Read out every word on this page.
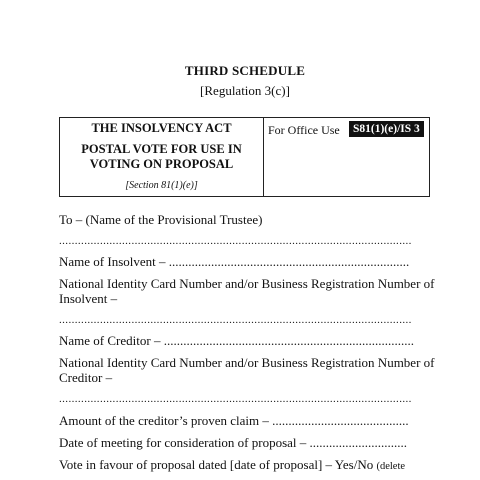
THIRD SCHEDULE
[Regulation 3(c)]
THE INSOLVENCY ACT
POSTAL VOTE FOR USE IN VOTING ON PROPOSAL
[Section 81(1)(e)]
For Office Use	S81(1)(e)/IS 3
To – (Name of the Provisional Trustee)
................................................................................................................
Name of Insolvent – ..........................................................................
National Identity Card Number and/or Business Registration Number of Insolvent –
................................................................................................................
Name of Creditor – .............................................................................
National Identity Card Number and/or Business Registration Number of Creditor –
................................................................................................................
Amount of the creditor’s proven claim – ..........................................
Date of meeting for consideration of proposal – ..............................
Vote in favour of proposal dated [date of proposal] – Yes/No (delete
